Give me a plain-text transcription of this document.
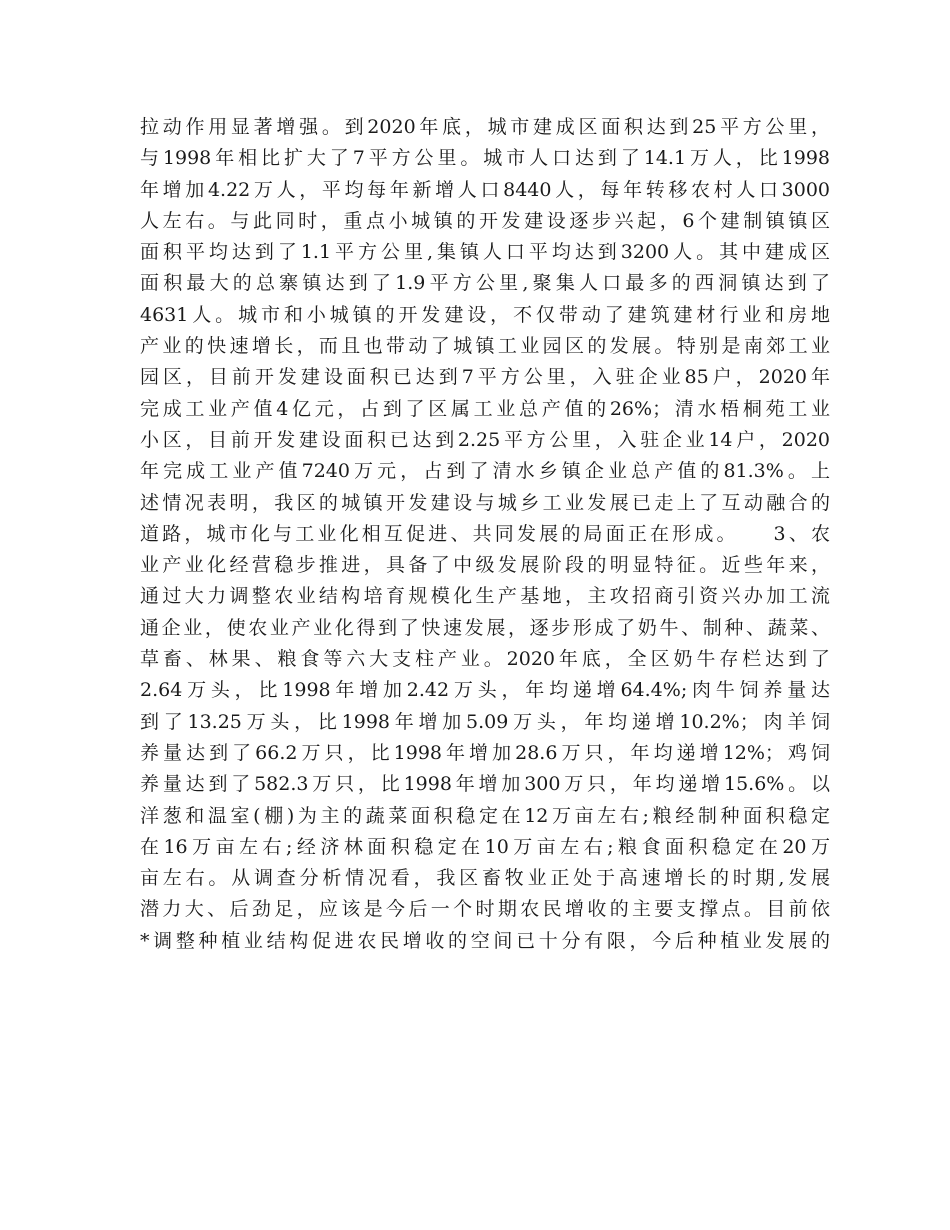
拉动作用显著增强。到2020年底，城市建成区面积达到25平方公里，
与1998年相比扩大了7平方公里。城市人口达到了14.1万人，比1998
年增加4.22万人，平均每年新增人口8440人，每年转移农村人口3000
人左右。与此同时，重点小城镇的开发建设逐步兴起，6个建制镇镇区
面积平均达到了1.1平方公里,集镇人口平均达到3200人。其中建成区
面积最大的总寨镇达到了1.9平方公里,聚集人口最多的西洞镇达到了
4631人。城市和小城镇的开发建设，不仅带动了建筑建材行业和房地
产业的快速增长，而且也带动了城镇工业园区的发展。特别是南郊工业
园区，目前开发建设面积已达到7平方公里，入驻企业85户，2020年
完成工业产值4亿元，占到了区属工业总产值的26%；清水梧桐苑工业
小区，目前开发建设面积已达到2.25平方公里，入驻企业14户，2020
年完成工业产值7240万元，占到了清水乡镇企业总产值的81.3%。上
述情况表明，我区的城镇开发建设与城乡工业发展已走上了互动融合的
道路，城市化与工业化相互促进、共同发展的局面正在形成。　　3、农
业产业化经营稳步推进，具备了中级发展阶段的明显特征。近些年来，
通过大力调整农业结构培育规模化生产基地，主攻招商引资兴办加工流
通企业，使农业产业化得到了快速发展，逐步形成了奶牛、制种、蔬菜、
草畜、林果、粮食等六大支柱产业。2020年底，全区奶牛存栏达到了
2.64万头，比1998年增加2.42万头，年均递增64.4%;肉牛饲养量达
到了13.25万头，比1998年增加5.09万头，年均递增10.2%；肉羊饲
养量达到了66.2万只，比1998年增加28.6万只，年均递增12%；鸡饲
养量达到了582.3万只，比1998年增加300万只，年均递增15.6%。以
洋葱和温室(棚)为主的蔬菜面积稳定在12万亩左右;粮经制种面积稳定
在16万亩左右;经济林面积稳定在10万亩左右;粮食面积稳定在20万
亩左右。从调查分析情况看，我区畜牧业正处于高速增长的时期,发展
潜力大、后劲足，应该是今后一个时期农民增收的主要支撑点。目前依
*调整种植业结构促进农民增收的空间已十分有限，今后种植业发展的
